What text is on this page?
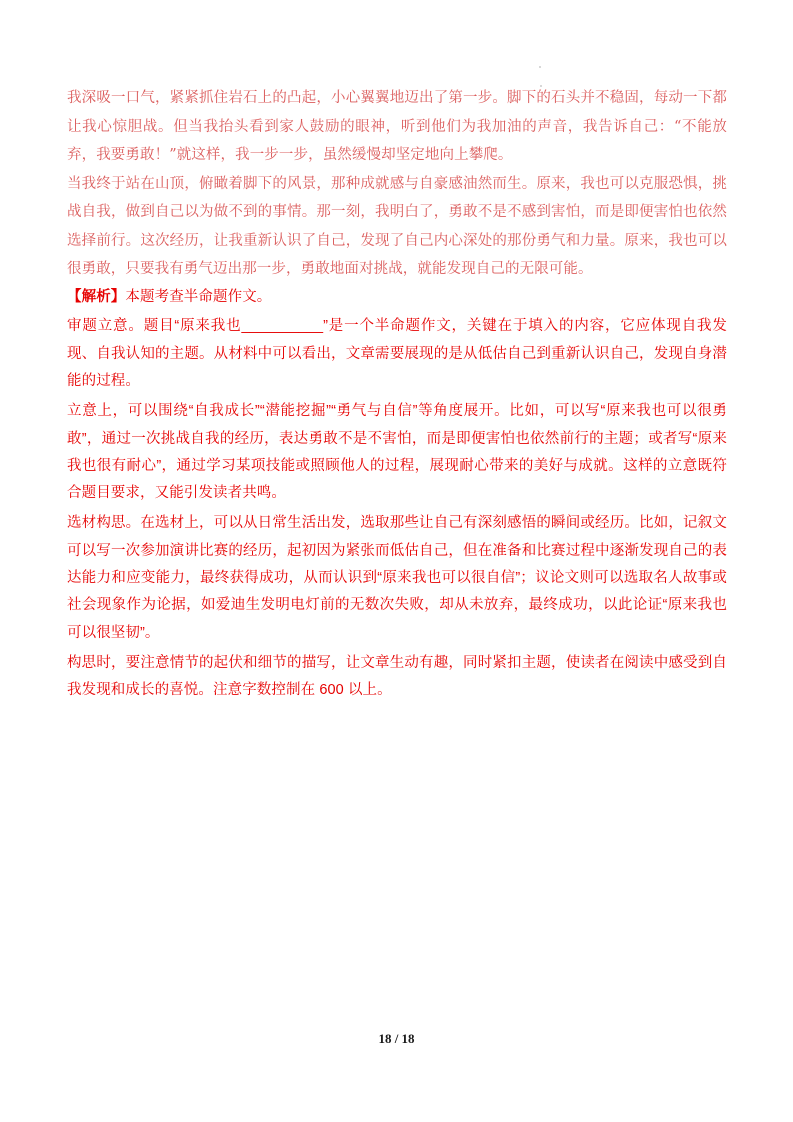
我深吸一口气，紧紧抓住岩石上的凸起，小心翼翼地迈出了第一步。脚下的石头并不稳固，每动一下都让我心惊胆战。但当我抬头看到家人鼓励的眼神，听到他们为我加油的声音，我告诉自己：“不能放弃，我要勇敢！”就这样，我一步一步，虽然缓慢却坚定地向上攀爬。

当我终于站在山顶，俯瞰着脚下的风景，那种成就感与自豪感油然而生。原来，我也可以克服恐惧，挑战自我，做到自己以为做不到的事情。那一刻，我明白了，勇敢不是不感到害怕，而是即便害怕也依然选择前行。这次经历，让我重新认识了自己，发现了自己内心深处的那份勇气和力量。原来，我也可以很勇敢，只要我有勇气迈出那一步，勇敢地面对挑战，就能发现自己的无限可能。

【解析】本题考查半命题作文。

审题立意。题目“原来我也__________”是一个半命题作文，关键在于填入的内容，它应体现自我发现、自我认知的主题。从材料中可以看出，文章需要展现的是从低估自己到重新认识自己，发现自身潜能的过程。

立意上，可以围绕“自我成长”“潜能挖掘”“勇气与自信”等角度展开。比如，可以写“原来我也可以很勇敢”，通过一次挑战自我的经历，表达勇敢不是不害怕，而是即便害怕也依然前行的主题；或者写“原来我也很有耐心”，通过学习某项技能或照顾他人的过程，展现耐心带来的美好与成就。这样的立意既符合题目要求，又能引发读者共鸣。

选材构思。在选材上，可以从日常生活出发，选取那些让自己有深刻感悟的瞬间或经历。比如，记叙文可以写一次参加演讲比赛的经历，起初因为紧张而低估自己，但在准备和比赛过程中逐渐发现自己的表达能力和应变能力，最终获得成功，从而认识到“原来我也可以很自信”；议论文则可以选取名人故事或社会现象作为论据，如爱迪生发明电灯前的无数次失败，却从未放弃，最终成功，以此论证“原来我也可以很坚韧”。

构思时，要注意情节的起伏和细节的描写，让文章生动有趣，同时紧扣主题，使读者在阅读中感受到自我发现和成长的喜悦。注意字数控制在 600 以上。

18 / 18
